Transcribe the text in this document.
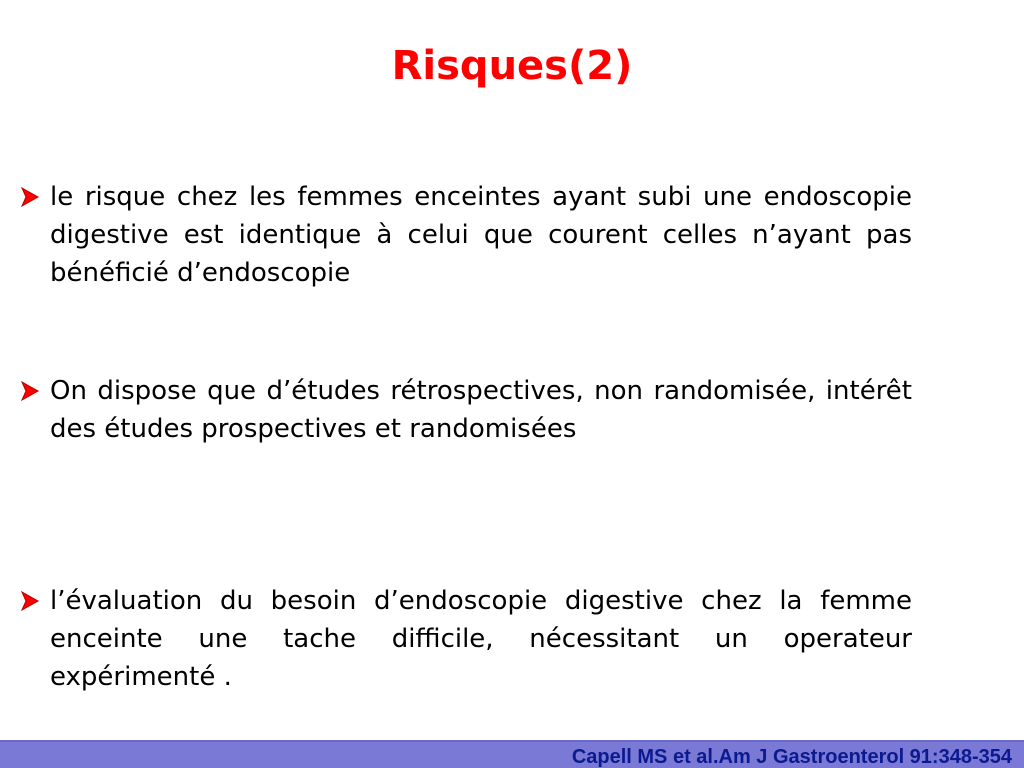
Risques(2)

le risque chez les femmes enceintes ayant subi une endoscopie digestive est identique à celui que courent celles n’ayant pas bénéficié d’endoscopie

On dispose que d’études rétrospectives, non randomisée, intérêt des études prospectives et randomisées

l’évaluation du besoin d’endoscopie digestive chez la femme enceinte une tache difficile, nécessitant un operateur expérimenté .

Capell MS et al.Am J Gastroenterol 91:348-354
